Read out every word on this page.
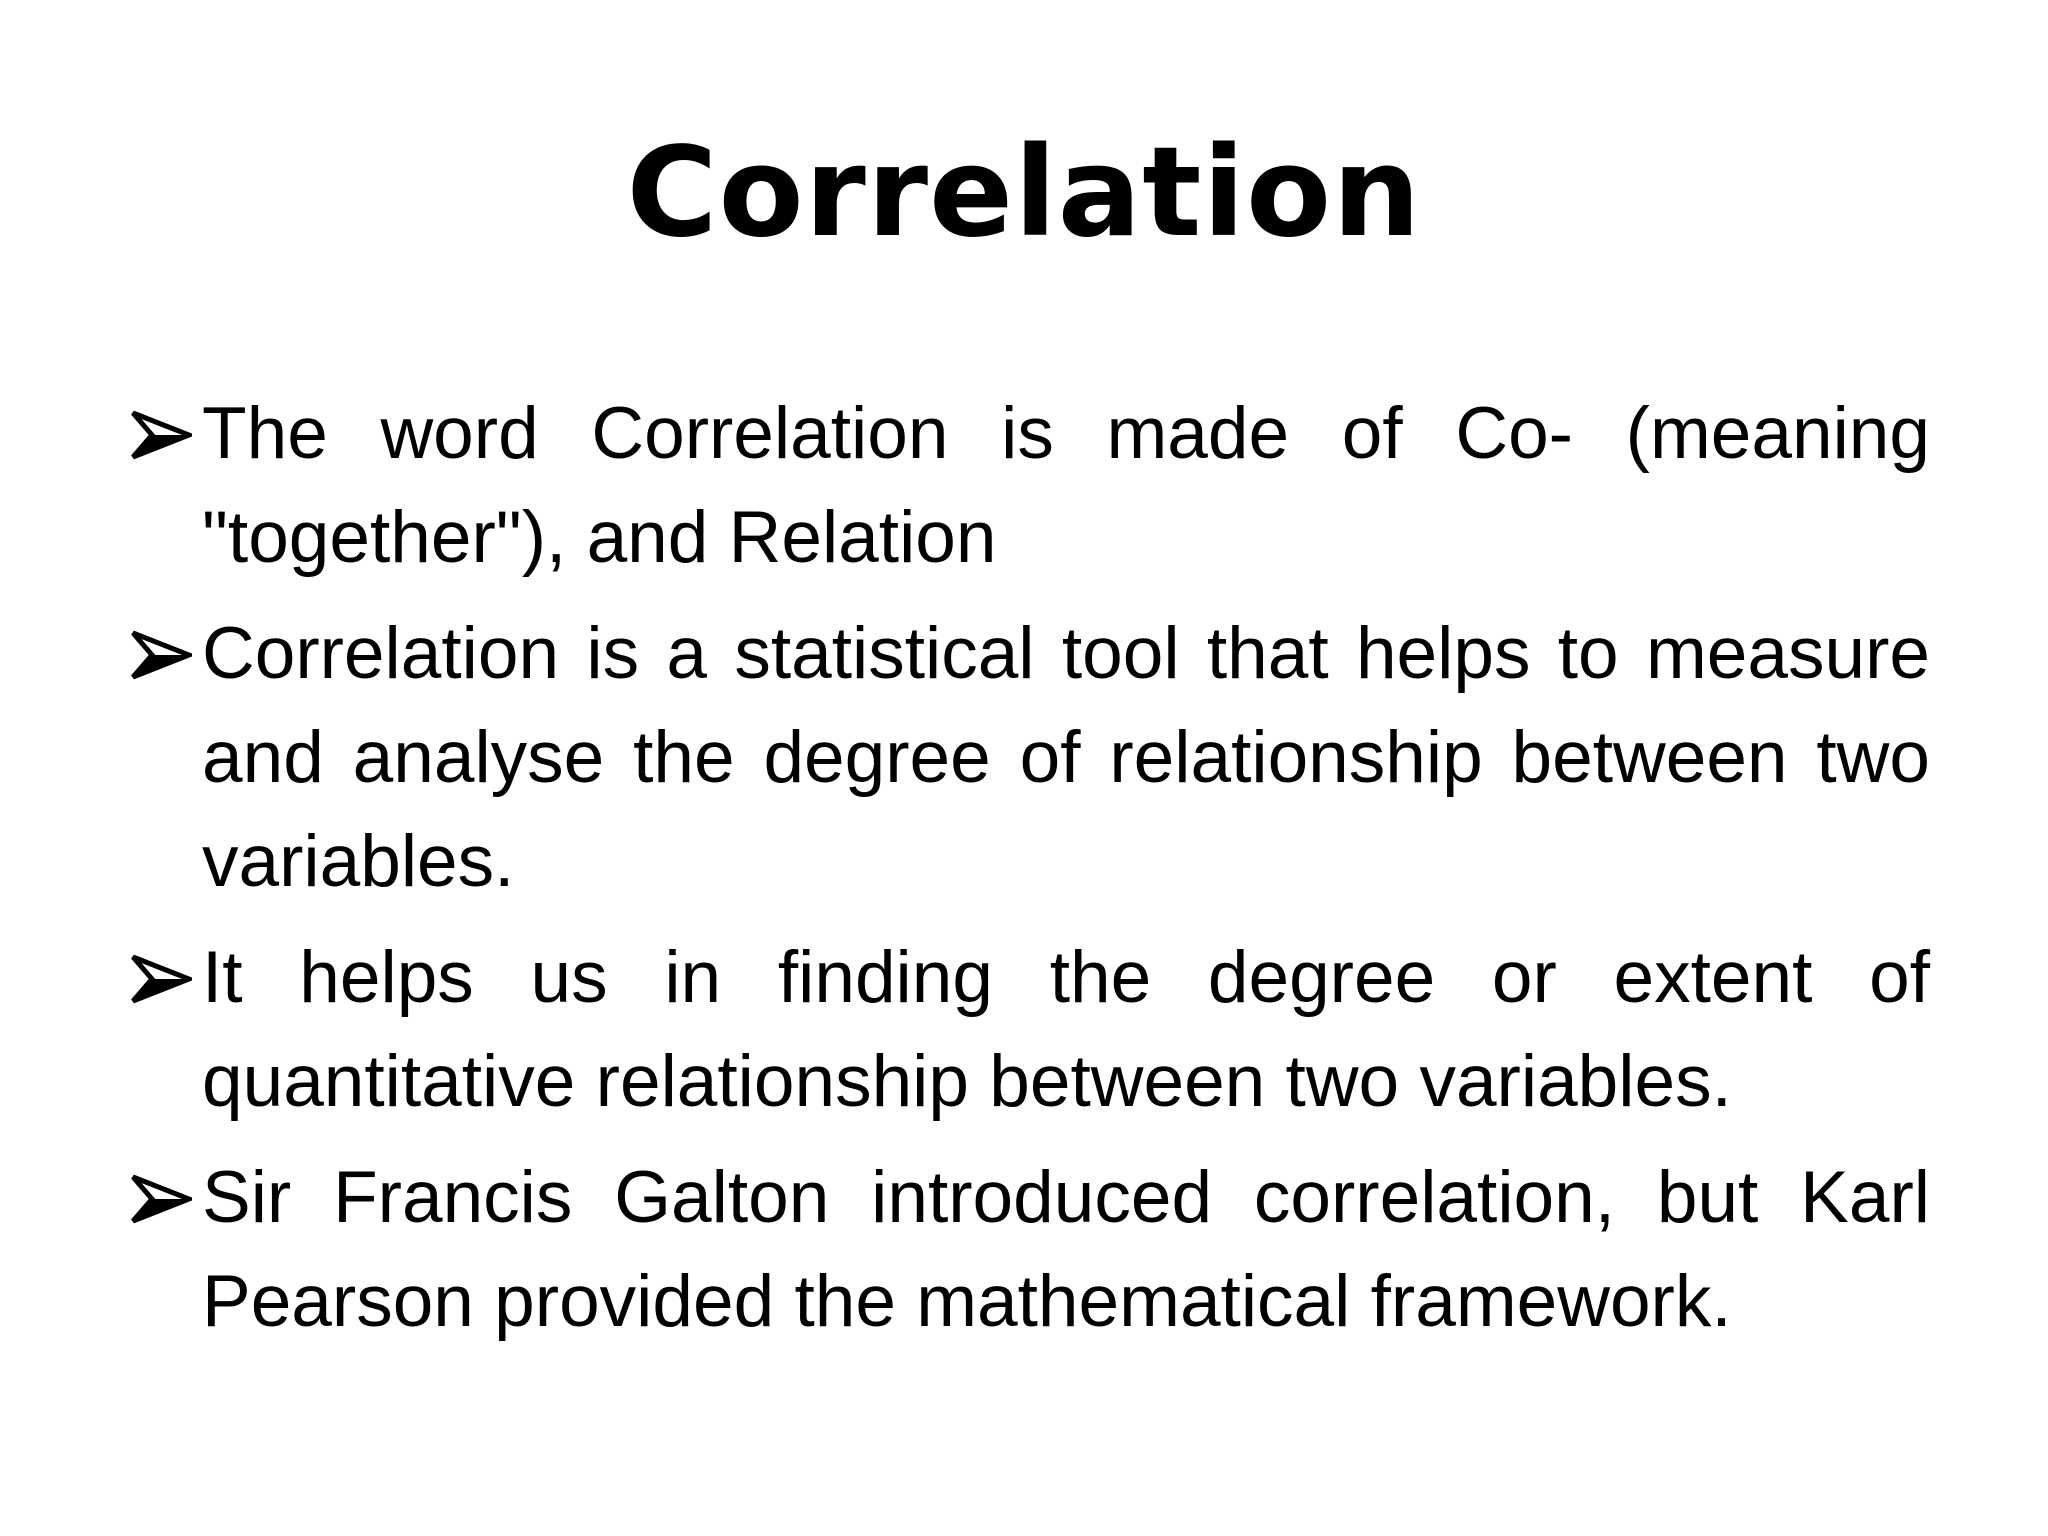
Correlation
The word Correlation is made of Co- (meaning "together"), and Relation
Correlation is a statistical tool that helps to measure and analyse the degree of relationship between two variables.
It helps us in finding the degree or extent of quantitative relationship between two variables.
Sir Francis Galton introduced correlation, but Karl Pearson provided the mathematical framework.
